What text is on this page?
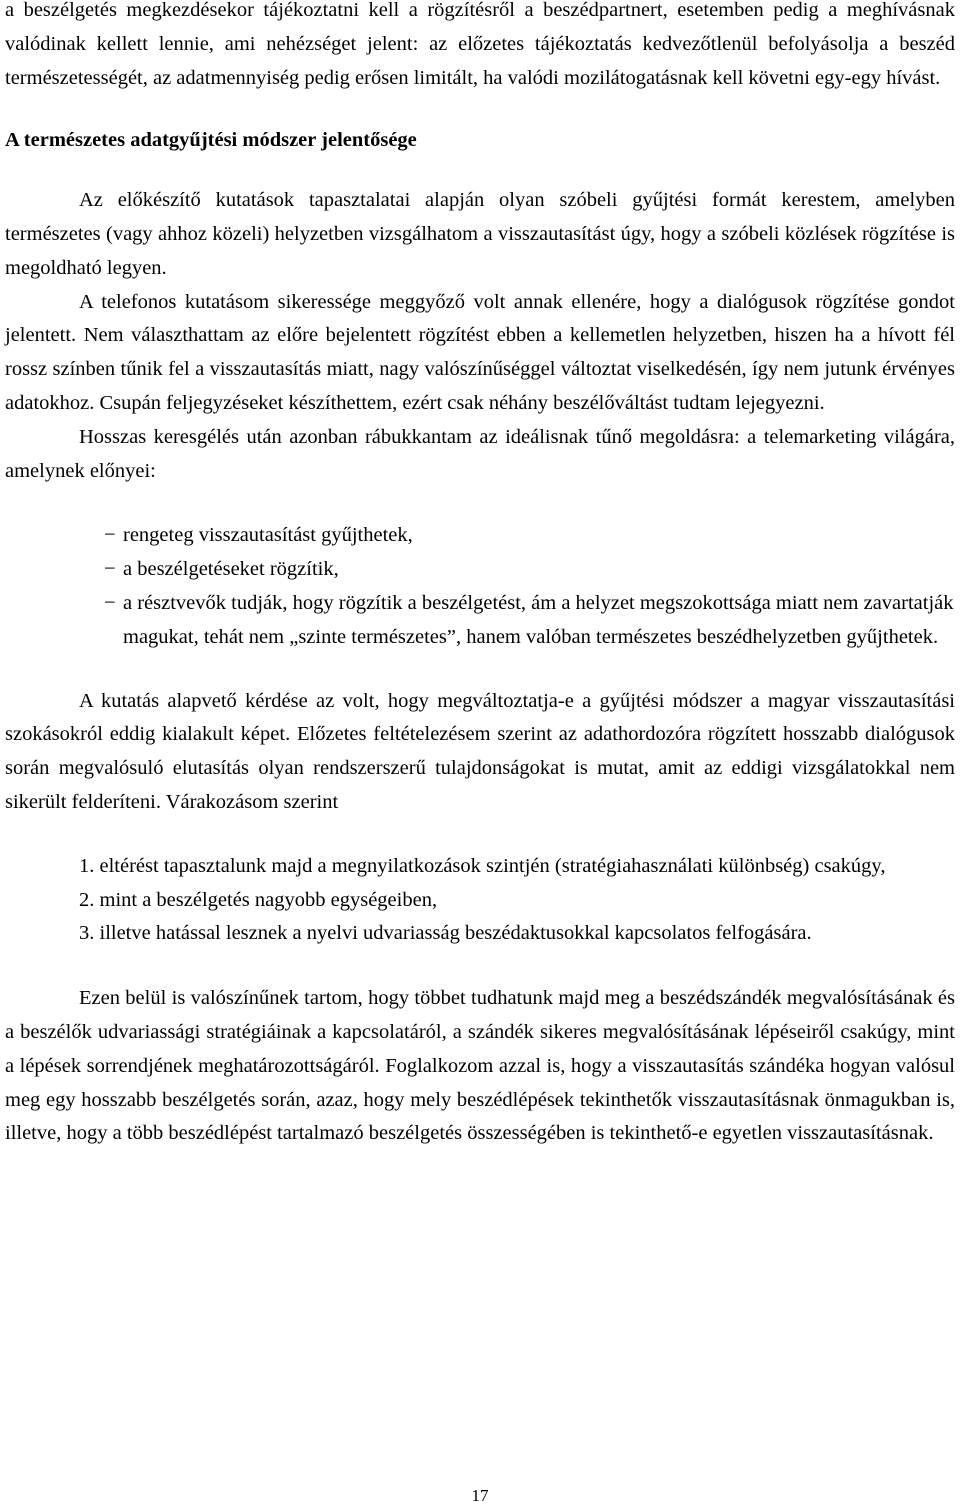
a beszélgetés megkezdésekor tájékoztatni kell a rögzítésről a beszédpartnert, esetemben pedig a meghívásnak valódinak kellett lennie, ami nehézséget jelent: az előzetes tájékoztatás kedvezőtlenül befolyásolja a beszéd természetességét, az adatmennyiség pedig erősen limitált, ha valódi mozilátogatásnak kell követni egy-egy hívást.

A természetes adatgyűjtési módszer jelentősége

Az előkészítő kutatások tapasztalatai alapján olyan szóbeli gyűjtési formát kerestem, amelyben természetes (vagy ahhoz közeli) helyzetben vizsgálhatom a visszautasítást úgy, hogy a szóbeli közlések rögzítése is megoldható legyen.

A telefonos kutatásom sikeressége meggyőző volt annak ellenére, hogy a dialógusok rögzítése gondot jelentett. Nem választhattam az előre bejelentett rögzítést ebben a kellemetlen helyzetben, hiszen ha a hívott fél rossz színben tűnik fel a visszautasítás miatt, nagy valószínűséggel változtat viselkedésén, így nem jutunk érvényes adatokhoz. Csupán feljegyzéseket készíthettem, ezért csak néhány beszélőváltást tudtam lejegyezni.

Hosszas keresgélés után azonban rábukkantam az ideálisnak tűnő megoldásra: a telemarketing világára, amelynek előnyei:

− rengeteg visszautasítást gyűjthetek,
− a beszélgetéseket rögzítik,
− a résztvevők tudják, hogy rögzítik a beszélgetést, ám a helyzet megszokottsága miatt nem zavartatják magukat, tehát nem „szinte természetes”, hanem valóban természetes beszédhelyzetben gyűjthetek.

A kutatás alapvető kérdése az volt, hogy megváltoztatja-e a gyűjtési módszer a magyar visszautasítási szokásokról eddig kialakult képet. Előzetes feltételezésem szerint az adathordozóra rögzített hosszabb dialógusok során megvalósuló elutasítás olyan rendszerszerű tulajdonságokat is mutat, amit az eddigi vizsgálatokkal nem sikerült felderíteni. Várakozásom szerint

1. eltérést tapasztalunk majd a megnyilatkozások szintjén (stratégiahasználati különbség) csakúgy,

2. mint a beszélgetés nagyobb egységeiben,

3. illetve hatással lesznek a nyelvi udvariasság beszédaktusokkal kapcsolatos felfogására.

Ezen belül is valószínűnek tartom, hogy többet tudhatunk majd meg a beszédszándék megvalósításának és a beszélők udvariassági stratégiáinak a kapcsolatáról, a szándék sikeres megvalósításának lépéseiről csakúgy, mint a lépések sorrendjének meghatározottságáról. Foglalkozom azzal is, hogy a visszautasítás szándéka hogyan valósul meg egy hosszabb beszélgetés során, azaz, hogy mely beszédlépések tekinthetők visszautasításnak önmagukban is, illetve, hogy a több beszédlépést tartalmazó beszélgetés összességében is tekinthető-e egyetlen visszautasításnak.

17
